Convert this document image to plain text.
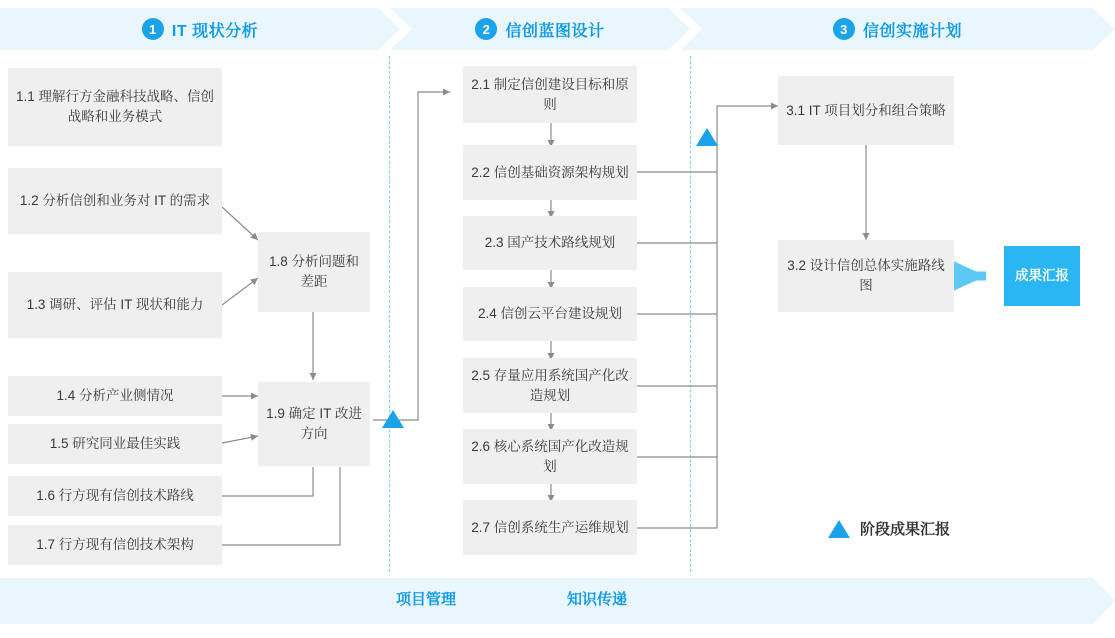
1 IT 现状分析	2 信创蓝图设计	3 信创实施计划
1.1 理解行方金融科技战略、信创战略和业务模式
1.2 分析信创和业务对 IT 的需求
1.3 调研、评估 IT 现状和能力
1.4 分析产业侧情况
1.5 研究同业最佳实践
1.6 行方现有信创技术路线
1.7 行方现有信创技术架构
1.8 分析问题和差距
1.9 确定 IT 改进方向
2.1 制定信创建设目标和原则
2.2 信创基础资源架构规划
2.3 国产技术路线规划
2.4 信创云平台建设规划
2.5 存量应用系统国产化改造规划
2.6 核心系统国产化改造规划
2.7 信创系统生产运维规划
3.1 IT 项目划分和组合策略
3.2 设计信创总体实施路线图
成果汇报
阶段成果汇报
项目管理	知识传递
